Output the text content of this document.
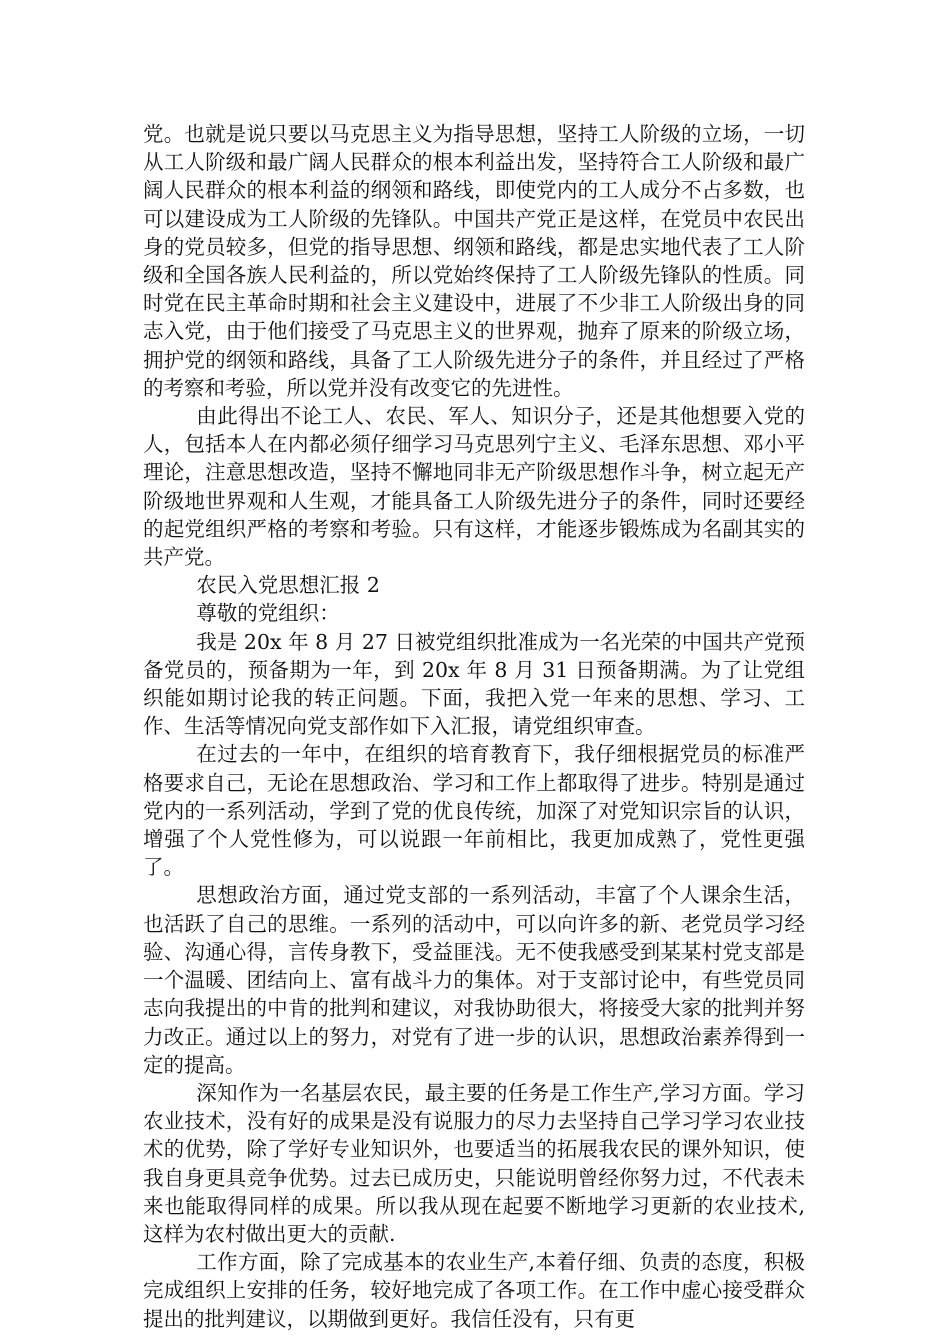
党。也就是说只要以马克思主义为指导思想，坚持工人阶级的立场，一切从工人阶级和最广阔人民群众的根本利益出发，坚持符合工人阶级和最广阔人民群众的根本利益的纲领和路线，即使党内的工人成分不占多数，也可以建设成为工人阶级的先锋队。中国共产党正是这样，在党员中农民出身的党员较多，但党的指导思想、纲领和路线，都是忠实地代表了工人阶级和全国各族人民利益的，所以党始终保持了工人阶级先锋队的性质。同时党在民主革命时期和社会主义建设中，进展了不少非工人阶级出身的同志入党，由于他们接受了马克思主义的世界观，抛弃了原来的阶级立场，拥护党的纲领和路线，具备了工人阶级先进分子的条件，并且经过了严格的考察和考验，所以党并没有改变它的先进性。

由此得出不论工人、农民、军人、知识分子，还是其他想要入党的人，包括本人在内都必须仔细学习马克思列宁主义、毛泽东思想、邓小平理论，注意思想改造，坚持不懈地同非无产阶级思想作斗争，树立起无产阶级地世界观和人生观，才能具备工人阶级先进分子的条件，同时还要经的起党组织严格的考察和考验。只有这样，才能逐步锻炼成为名副其实的共产党。

农民入党思想汇报 2

尊敬的党组织：

我是 20x 年 8 月 27 日被党组织批准成为一名光荣的中国共产党预备党员的，预备期为一年，到 20x 年 8 月 31 日预备期满。为了让党组织能如期讨论我的转正问题。下面，我把入党一年来的思想、学习、工作、生活等情况向党支部作如下入汇报，请党组织审查。

在过去的一年中，在组织的培育教育下，我仔细根据党员的标准严格要求自己，无论在思想政治、学习和工作上都取得了进步。特别是通过党内的一系列活动，学到了党的优良传统，加深了对党知识宗旨的认识，增强了个人党性修为，可以说跟一年前相比，我更加成熟了，党性更强了。

思想政治方面，通过党支部的一系列活动，丰富了个人课余生活，也活跃了自己的思维。一系列的活动中，可以向许多的新、老党员学习经验、沟通心得，言传身教下，受益匪浅。无不使我感受到某某村党支部是一个温暖、团结向上、富有战斗力的集体。对于支部讨论中，有些党员同志向我提出的中肯的批判和建议，对我协助很大，将接受大家的批判并努力改正。通过以上的努力，对党有了进一步的认识，思想政治素养得到一定的提高。

深知作为一名基层农民，最主要的任务是工作生产,学习方面。学习农业技术，没有好的成果是没有说服力的尽力去坚持自己学习学习农业技术的优势，除了学好专业知识外，也要适当的拓展我农民的课外知识，使我自身更具竞争优势。过去已成历史，只能说明曾经你努力过，不代表未来也能取得同样的成果。所以我从现在起要不断地学习更新的农业技术,这样为农村做出更大的贡献.

工作方面，除了完成基本的农业生产,本着仔细、负责的态度，积极完成组织上安排的任务，较好地完成了各项工作。在工作中虚心接受群众提出的批判建议，以期做到更好。我信任没有，只有更
